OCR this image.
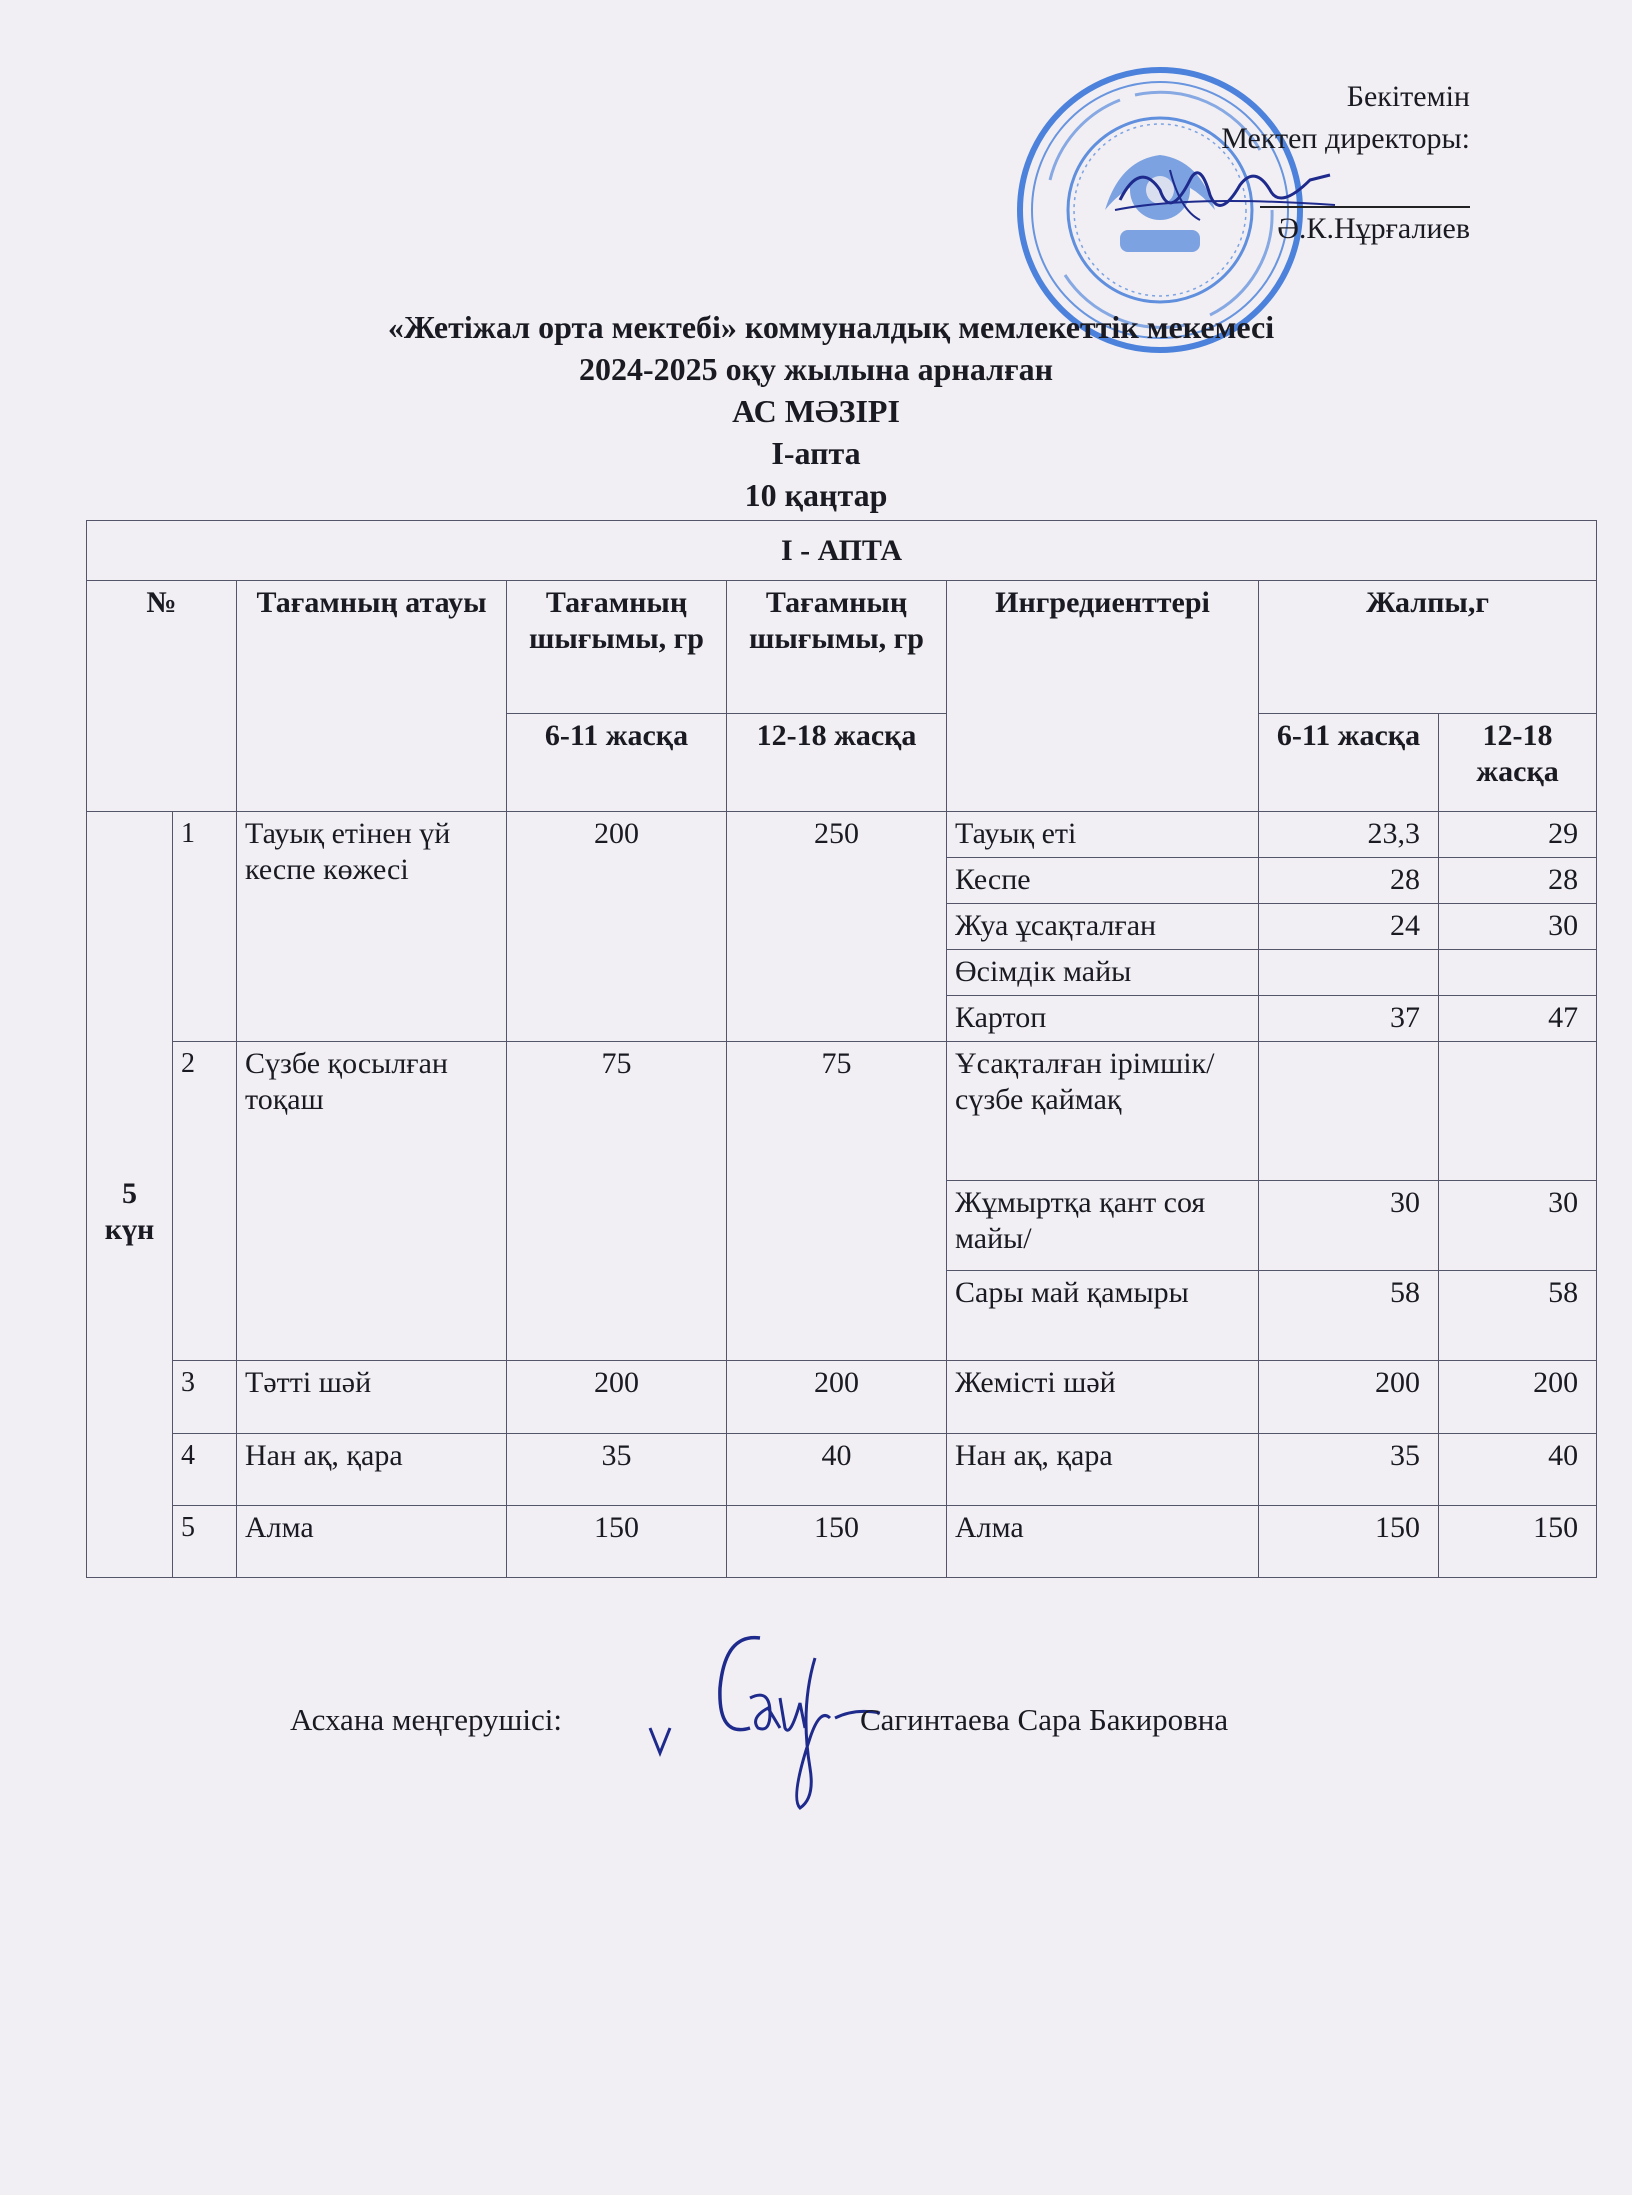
Бекітемін
Мектеп директоры:
Ә.К.Нұрғалиев
«Жетіжал орта мектебі» коммуналдық мемлекеттік мекемесі
2024-2025 оқу жылына арналған
АС МӘЗІРІ
І-апта
10 қаңтар
І - АПТА							
№		Тағамның атауы	Тағамның шығымы, гр	Тағамның шығымы, гр	Ингредиенттері	Жалпы,г	
			6-11 жасқа	12-18 жасқа		6-11 жасқа	12-18 жасқа
5 күн	1	Тауық етінен үй кеспе көжесі	200	250	Тауық еті	23,3	29
					Кеспе	28	28
					Жуа ұсақталған	24	30
					Өсімдік майы		
					Картоп	37	47
	2	Сүзбе қосылған тоқаш	75	75	Ұсақталған ірімшік/сүзбе қаймақ		
					Жұмыртқа қант соя майы/	30	30
					Сары май қамыры	58	58
	3	Тәтті шәй	200	200	Жемісті шәй	200	200
	4	Нан ақ, қара	35	40	Нан ақ, қара	35	40
	5	Алма	150	150	Алма	150	150
Асхана меңгерушісі:	Сагинтаева Сара Бакировна
